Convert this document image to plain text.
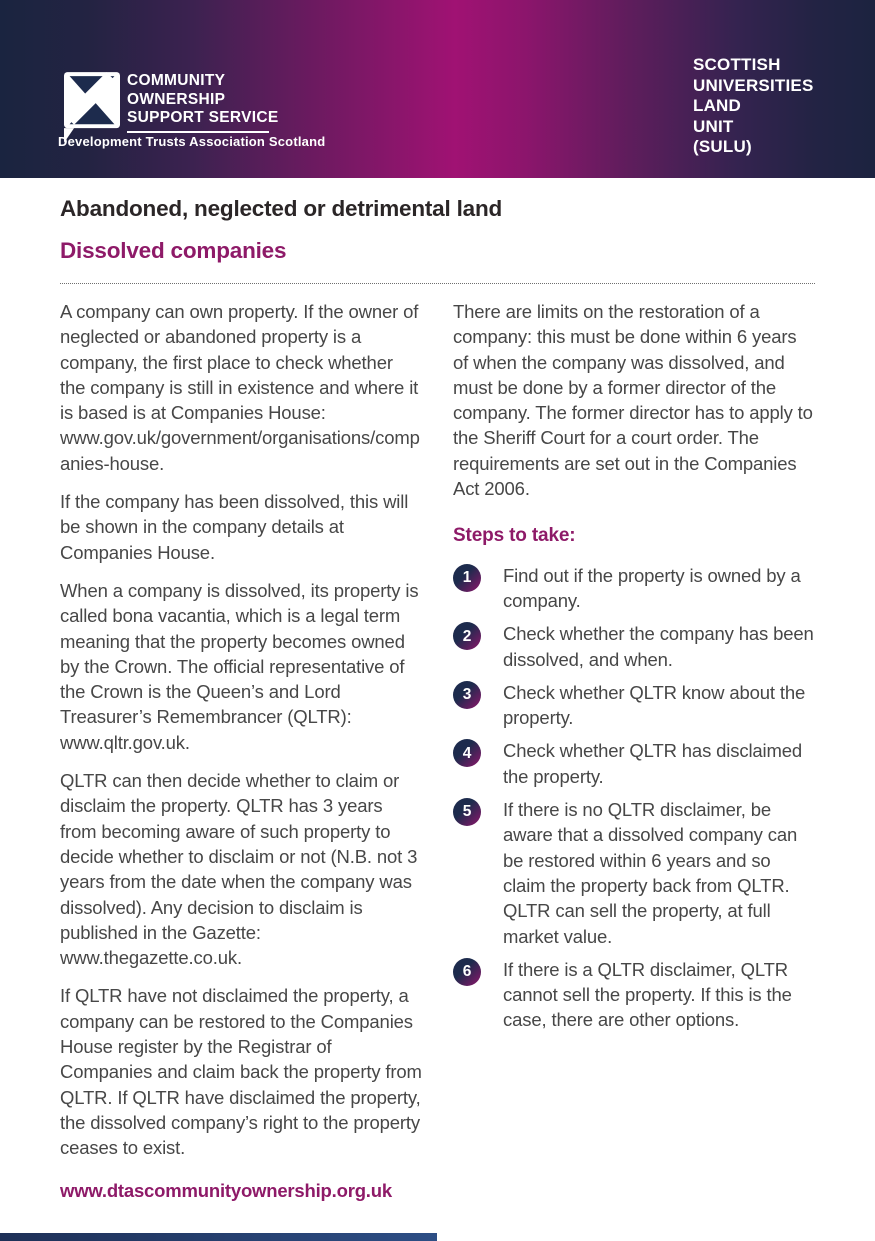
COMMUNITY
OWNERSHIP
SUPPORT SERVICE
Development Trusts Association Scotland
SCOTTISH
UNIVERSITIES
LAND
UNIT
(SULU)
Abandoned, neglected or detrimental land
Dissolved companies

A company can own property. If the owner of neglected or abandoned property is a company, the first place to check whether the company is still in existence and where it is based is at Companies House: www.gov.uk/government/organisations/companies-house.

If the company has been dissolved, this will be shown in the company details at Companies House.

When a company is dissolved, its property is called bona vacantia, which is a legal term meaning that the property becomes owned by the Crown. The official representative of the Crown is the Queen’s and Lord Treasurer’s Remembrancer (QLTR): www.qltr.gov.uk.

QLTR can then decide whether to claim or disclaim the property. QLTR has 3 years from becoming aware of such property to decide whether to disclaim or not (N.B. not 3 years from the date when the company was dissolved). Any decision to disclaim is published in the Gazette: www.thegazette.co.uk.

If QLTR have not disclaimed the property, a company can be restored to the Companies House register by the Registrar of Companies and claim back the property from QLTR. If QLTR have disclaimed the property, the dissolved company’s right to the property ceases to exist.

There are limits on the restoration of a company: this must be done within 6 years of when the company was dissolved, and must be done by a former director of the company. The former director has to apply to the Sheriff Court for a court order. The requirements are set out in the Companies Act 2006.

Steps to take:
1	Find out if the property is owned by a company.
2	Check whether the company has been dissolved, and when.
3	Check whether QLTR know about the property.
4	Check whether QLTR has disclaimed the property.
5	If there is no QLTR disclaimer, be aware that a dissolved company can be restored within 6 years and so claim the property back from QLTR. QLTR can sell the property, at full market value.
6	If there is a QLTR disclaimer, QLTR cannot sell the property. If this is the case, there are other options.
www.dtascommunityownership.org.uk
